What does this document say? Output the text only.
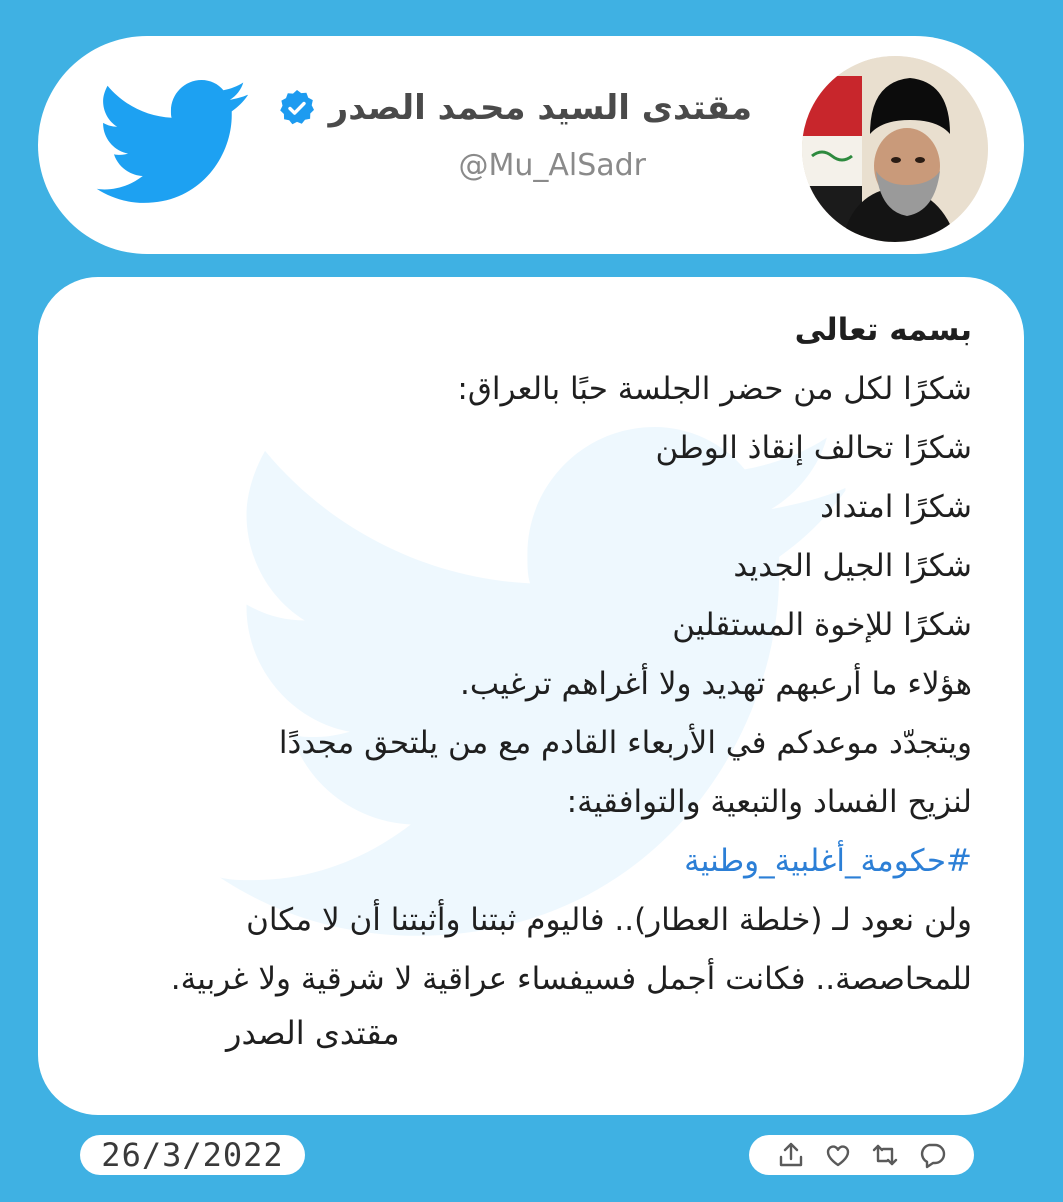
مقتدى السيد محمد الصدر
@Mu_AlSadr
بسمه تعالى
شكرًا لكل من حضر الجلسة حبًا بالعراق:
شكرًا تحالف إنقاذ الوطن
شكرًا امتداد
شكرًا الجيل الجديد
شكرًا للإخوة المستقلين
هؤلاء ما أرعبهم تهديد ولا أغراهم ترغيب.
ويتجدّد موعدكم في الأربعاء القادم مع من يلتحق مجددًا
لنزيح الفساد والتبعية والتوافقية:
#حكومة_أغلبية_وطنية
ولن نعود لـ (خلطة العطار).. فاليوم ثبتنا وأثبتنا أن لا مكان
للمحاصصة.. فكانت أجمل فسيفساء عراقية لا شرقية ولا غربية.
مقتدى الصدر
26/3/2022
